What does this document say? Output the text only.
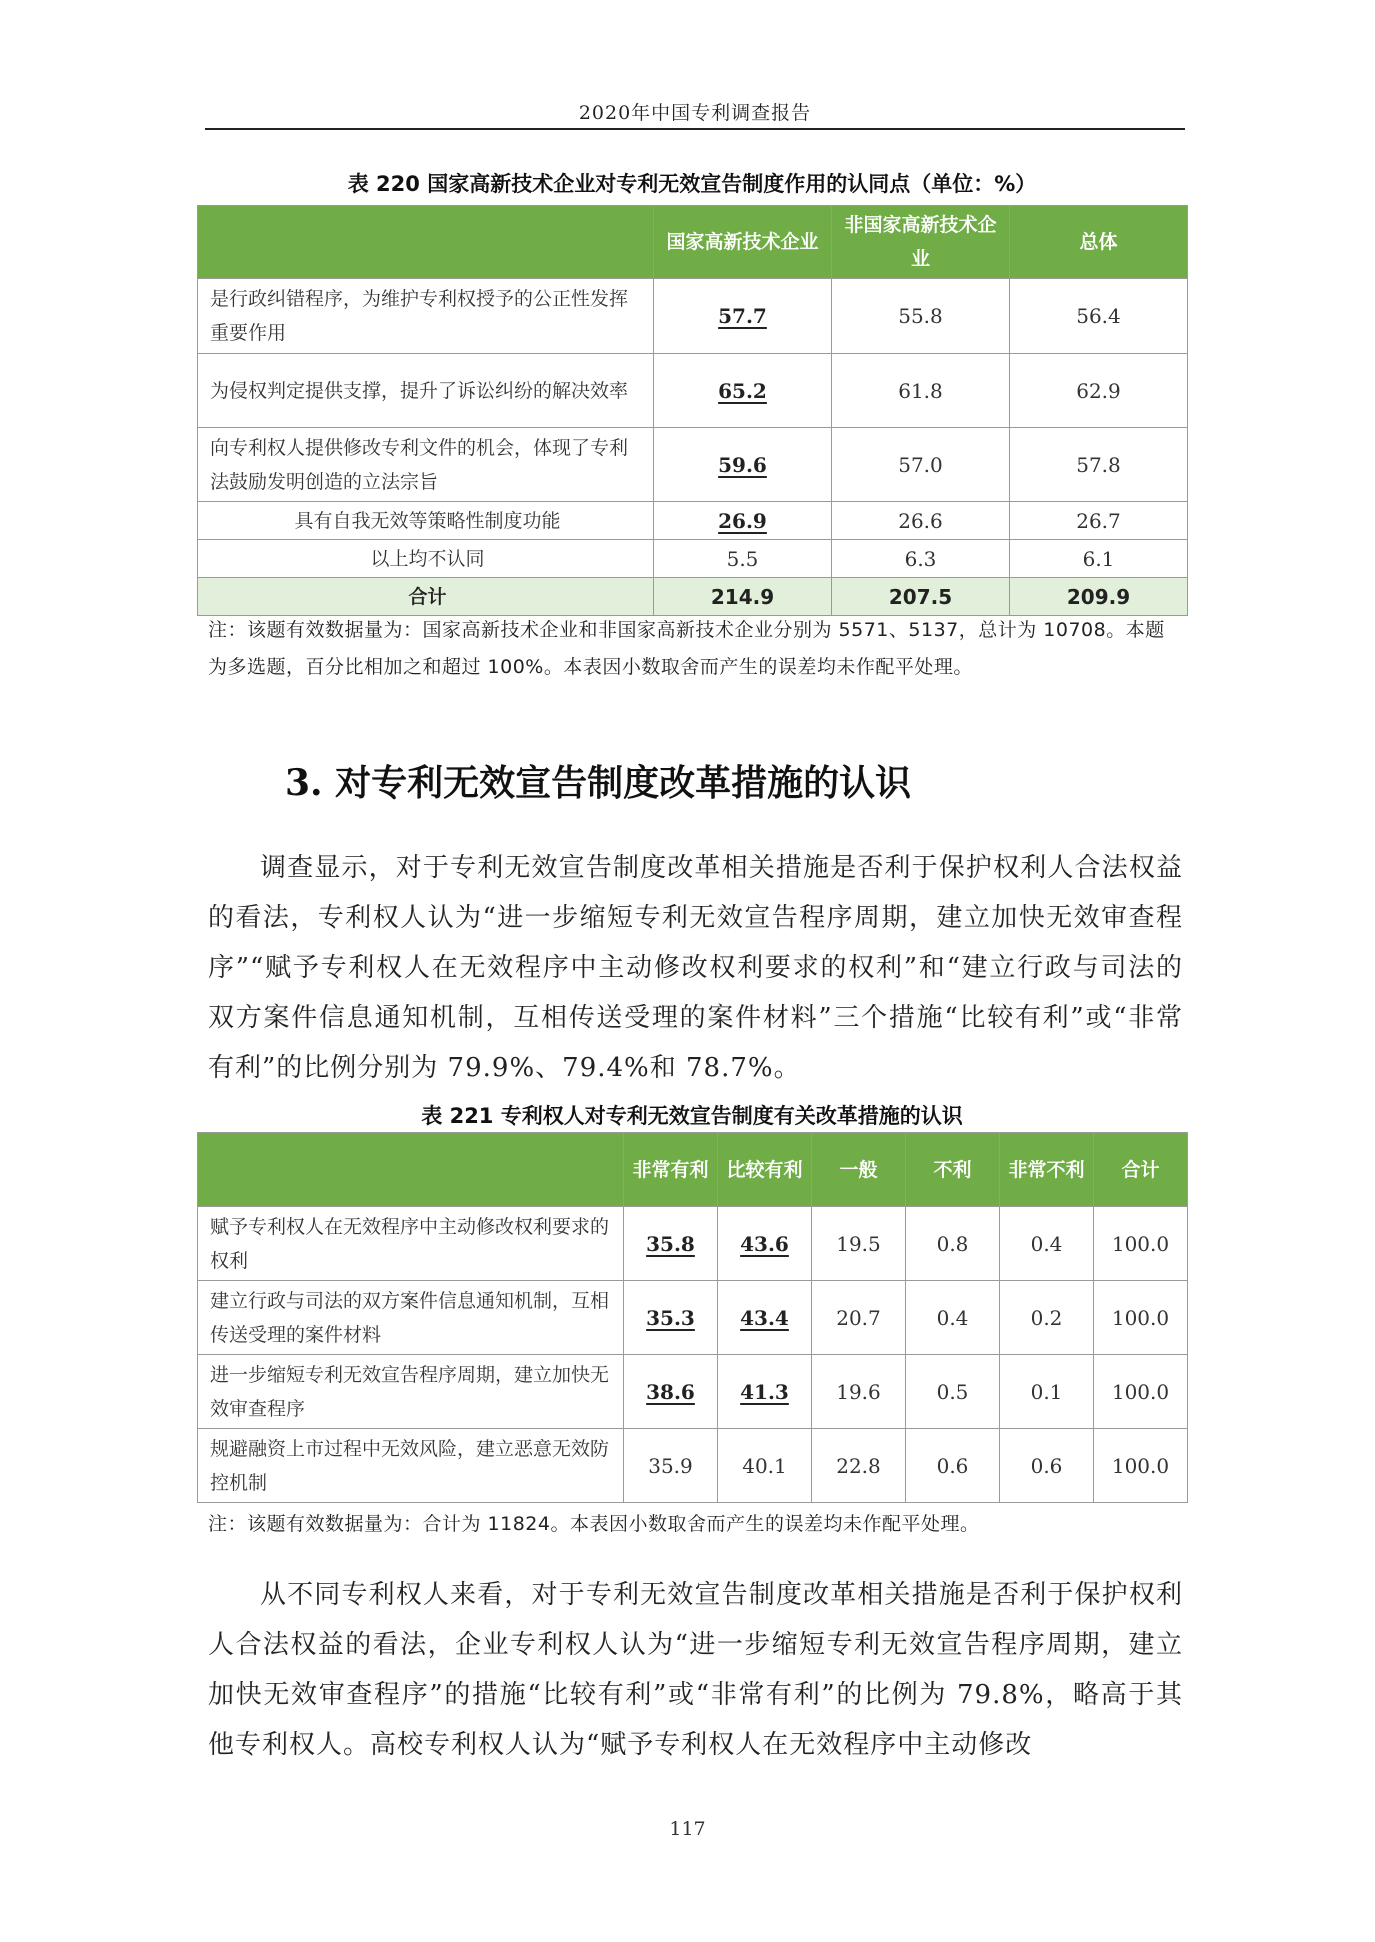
2020年中国专利调查报告
表 220 国家高新技术企业对专利无效宣告制度作用的认同点（单位：%）
	国家高新技术企业	非国家高新技术企业	总体
是行政纠错程序，为维护专利权授予的公正性发挥重要作用	57.7	55.8	56.4
为侵权判定提供支撑，提升了诉讼纠纷的解决效率	65.2	61.8	62.9
向专利权人提供修改专利文件的机会，体现了专利法鼓励发明创造的立法宗旨	59.6	57.0	57.8
具有自我无效等策略性制度功能	26.9	26.6	26.7
以上均不认同	5.5	6.3	6.1
合计	214.9	207.5	209.9
注：该题有效数据量为：国家高新技术企业和非国家高新技术企业分别为 5571、5137，总计为 10708。本题为多选题，百分比相加之和超过 100%。本表因小数取舍而产生的误差均未作配平处理。
3. 对专利无效宣告制度改革措施的认识
调查显示，对于专利无效宣告制度改革相关措施是否利于保护权利人合法权益的看法，专利权人认为“进一步缩短专利无效宣告程序周期，建立加快无效审查程序”“赋予专利权人在无效程序中主动修改权利要求的权利”和“建立行政与司法的双方案件信息通知机制，互相传送受理的案件材料”三个措施“比较有利”或“非常有利”的比例分别为 79.9%、79.4%和 78.7%。
表 221 专利权人对专利无效宣告制度有关改革措施的认识
	非常有利	比较有利	一般	不利	非常不利	合计
赋予专利权人在无效程序中主动修改权利要求的权利	35.8	43.6	19.5	0.8	0.4	100.0
建立行政与司法的双方案件信息通知机制，互相传送受理的案件材料	35.3	43.4	20.7	0.4	0.2	100.0
进一步缩短专利无效宣告程序周期，建立加快无效审查程序	38.6	41.3	19.6	0.5	0.1	100.0
规避融资上市过程中无效风险，建立恶意无效防控机制	35.9	40.1	22.8	0.6	0.6	100.0
注：该题有效数据量为：合计为 11824。本表因小数取舍而产生的误差均未作配平处理。
从不同专利权人来看，对于专利无效宣告制度改革相关措施是否利于保护权利人合法权益的看法，企业专利权人认为“进一步缩短专利无效宣告程序周期，建立加快无效审查程序”的措施“比较有利”或“非常有利”的比例为 79.8%，略高于其他专利权人。高校专利权人认为“赋予专利权人在无效程序中主动修改
117
